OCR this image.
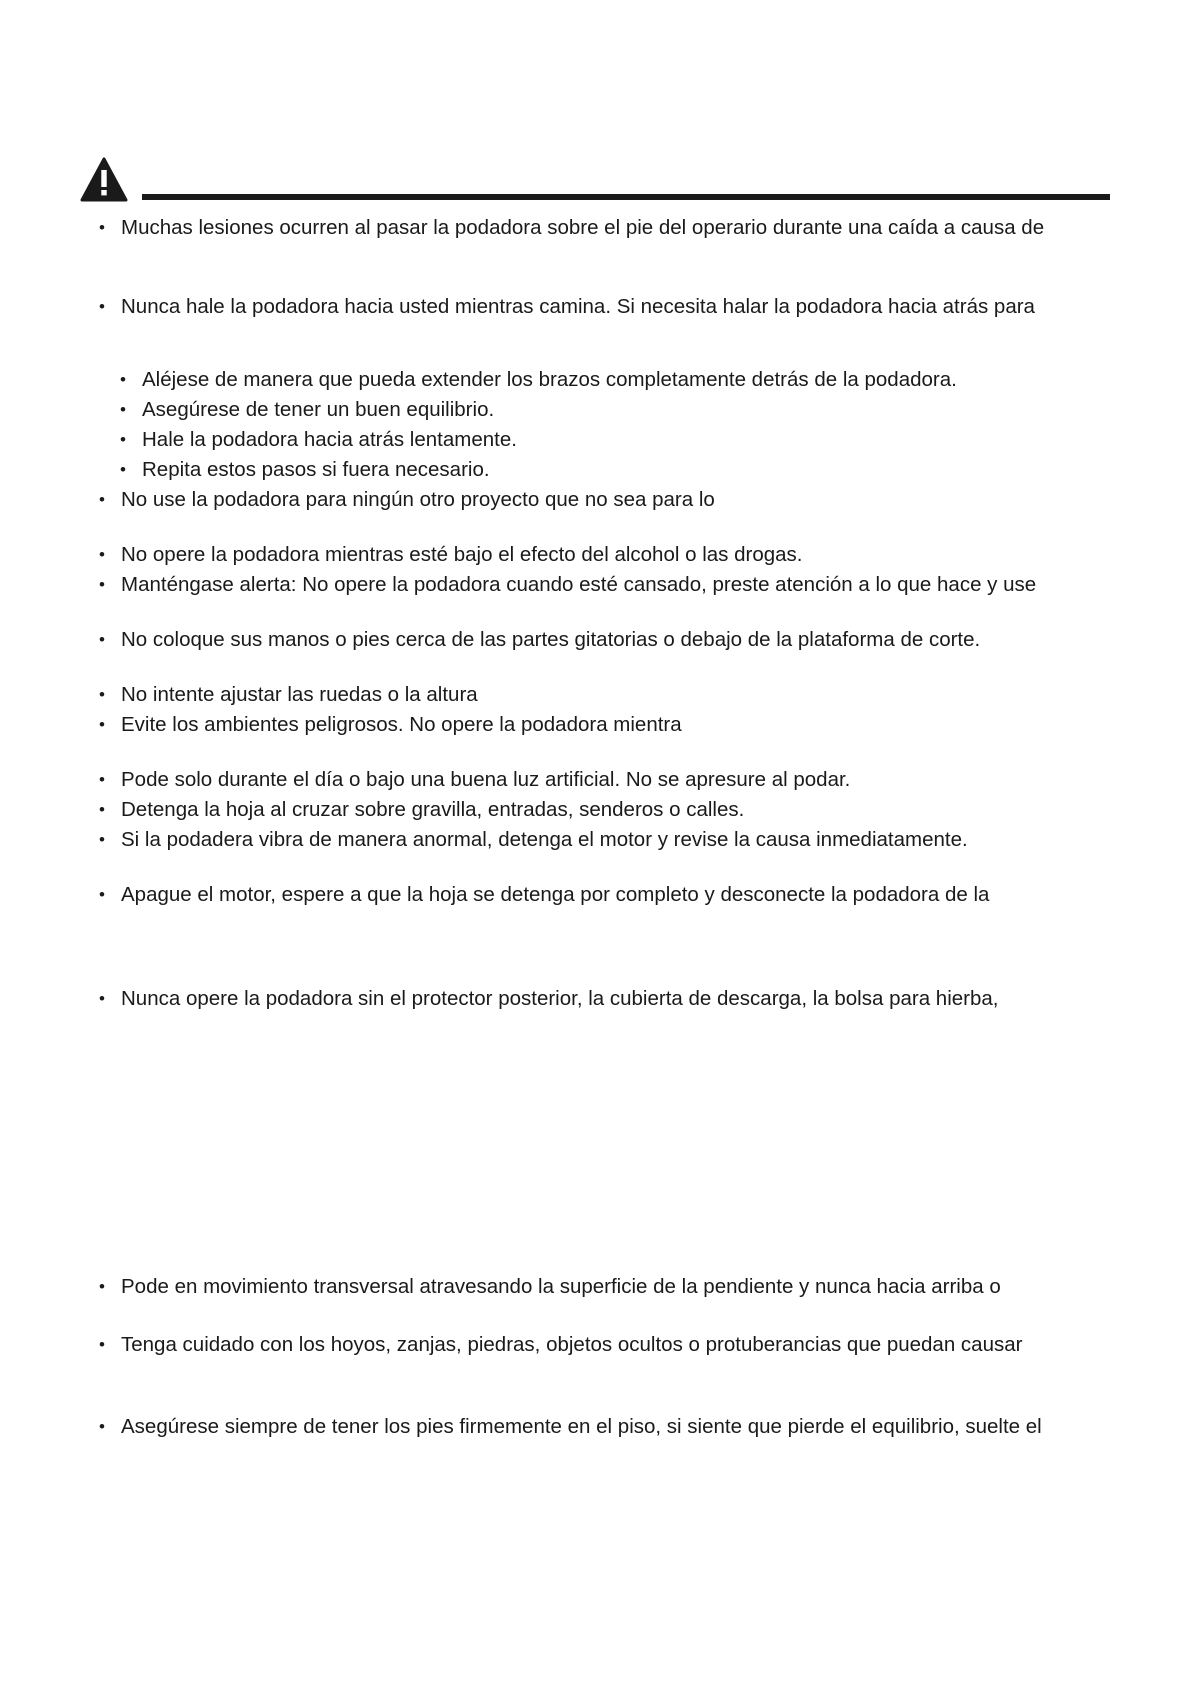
• Muchas lesiones ocurren al pasar la podadora sobre el pie del operario durante una caída a causa de
• Nunca hale la podadora hacia usted mientras camina. Si necesita halar la podadora hacia atrás para
• Aléjese de manera que pueda extender los brazos completamente detrás de la podadora.
• Asegúrese de tener un buen equilibrio.
• Hale la podadora hacia atrás lentamente.
• Repita estos pasos si fuera necesario.
• No use la podadora para ningún otro proyecto que no sea para lo
• No opere la podadora mientras esté bajo el efecto del alcohol o las drogas.
• Manténgase alerta: No opere la podadora cuando esté cansado, preste atención a lo que hace y use
• No coloque sus manos o pies cerca de las partes gitatorias o debajo de la plataforma de corte.
• No intente ajustar las ruedas o la altura
• Evite los ambientes peligrosos. No opere la podadora mientra
• Pode solo durante el día o bajo una buena luz artificial. No se apresure al podar.
• Detenga la hoja al cruzar sobre gravilla, entradas, senderos o calles.
• Si la podadera vibra de manera anormal, detenga el motor y revise la causa inmediatamente.
• Apague el motor, espere a que la hoja se detenga por completo y desconecte la podadora de la
• Nunca opere la podadora sin el protector posterior, la cubierta de descarga, la bolsa para hierba,
• Pode en movimiento transversal atravesando la superficie de la pendiente y nunca hacia arriba o
• Tenga cuidado con los hoyos, zanjas, piedras, objetos ocultos o protuberancias que puedan causar
• Asegúrese siempre de tener los pies firmemente en el piso, si siente que pierde el equilibrio, suelte el
